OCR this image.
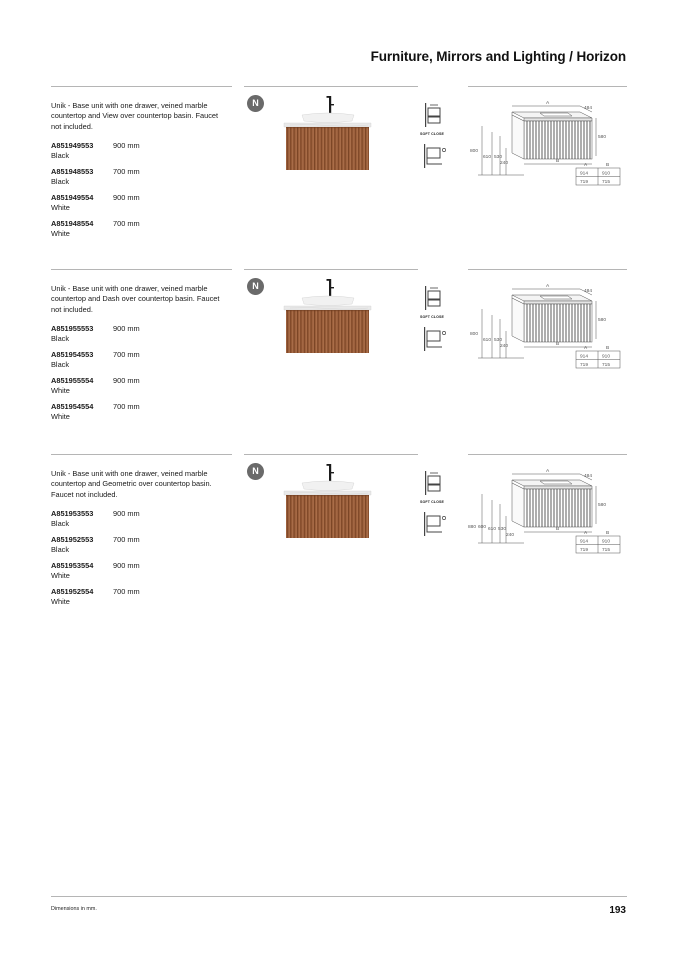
Furniture, Mirrors and Lighting / Horizon
Unik - Base unit with one drawer, veined marble countertop and View over countertop basin. Faucet not included.
A851949553	900 mm
Black
A851948553	700 mm
Black
A851949554	900 mm
White
A851948554	700 mm
White
N
SOFT CLOSE
A
484
580
800
610 530
240	B
A	B
914	910
719	715
Unik - Base unit with one drawer, veined marble countertop and Dash over countertop basin. Faucet not included.
A851955553	900 mm
Black
A851954553	700 mm
Black
A851955554	900 mm
White
A851954554	700 mm
White
N
SOFT CLOSE
A
484
580
800
610 530
240	B
A	B
914	910
719	715
Unik - Base unit with one drawer, veined marble countertop and Geometric over countertop basin. Faucet not included.
A851953553	900 mm
Black
A851952553	700 mm
Black
A851953554	900 mm
White
A851952554	700 mm
White
N
SOFT CLOSE
A
484
580
880 610 530
240
B
A	B
914	910
719	715
600
Dimensions in mm.	193
